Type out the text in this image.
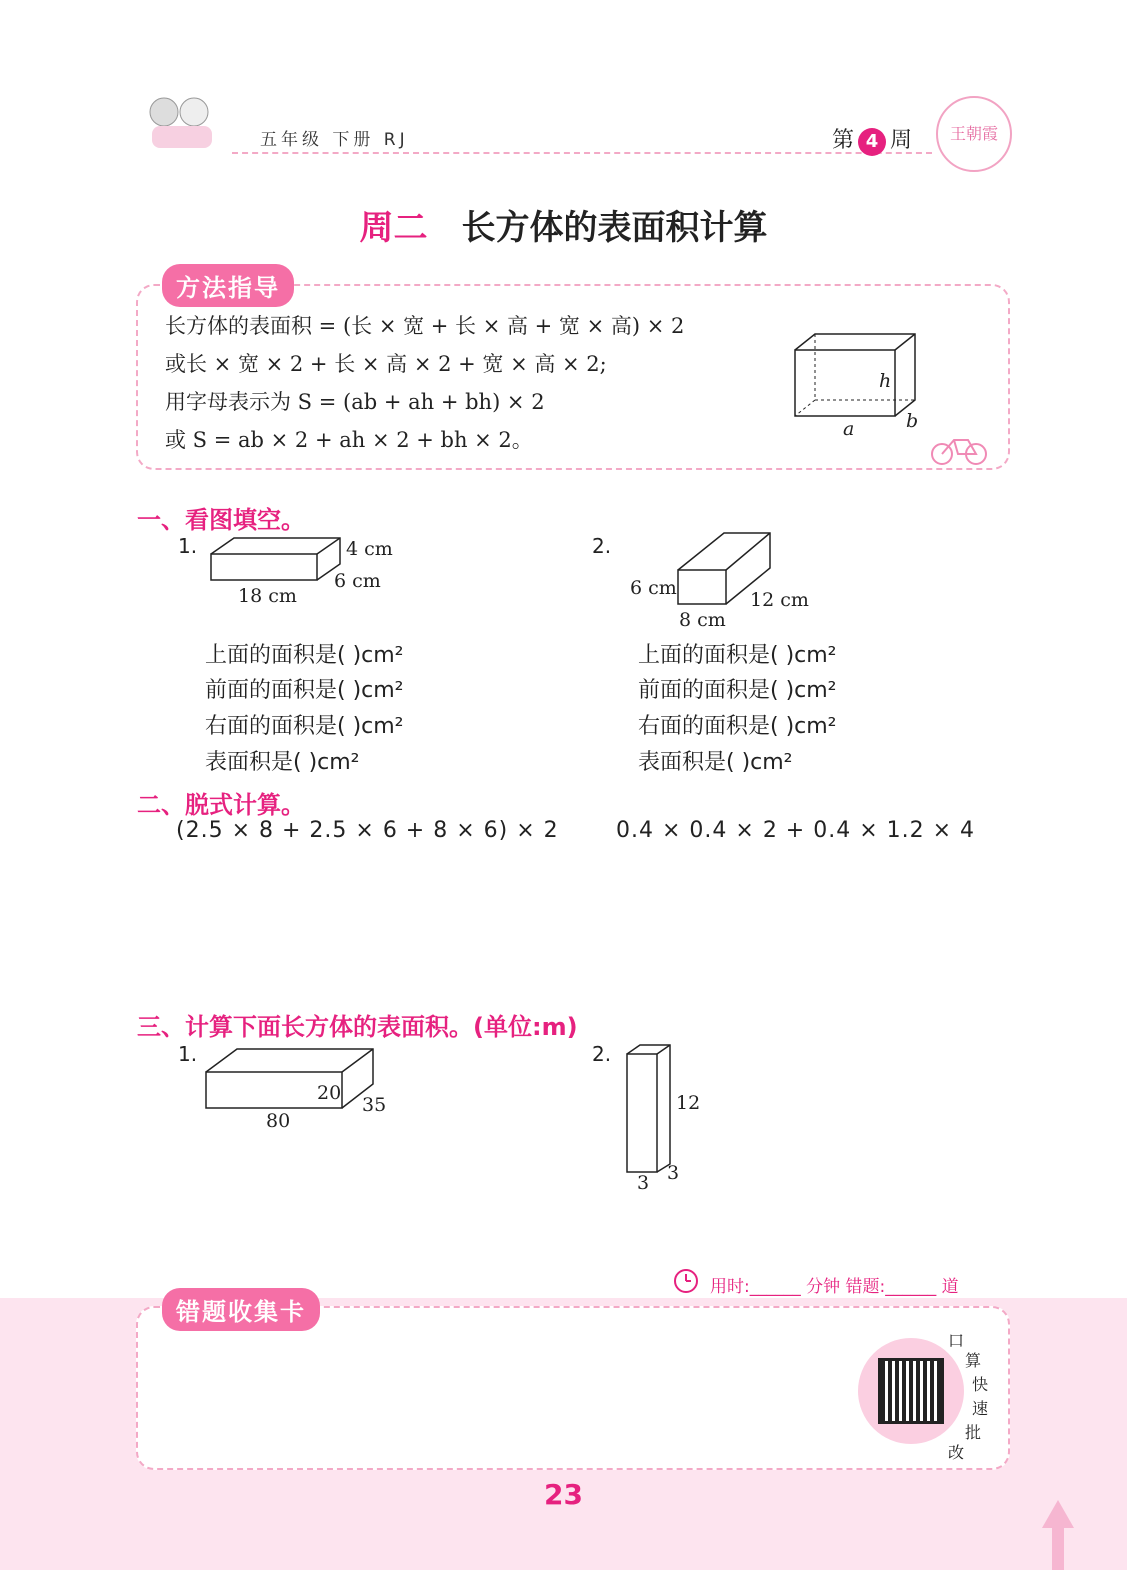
五年级 下册 RJ	第 4 周	王朝霞
周二 长方体的表面积计算
方法指导
长方体的表面积 = (长 × 宽 + 长 × 高 + 宽 × 高) × 2
或长 × 宽 × 2 + 长 × 高 × 2 + 宽 × 高 × 2;
用字母表示为 S = (ab + ah + bh) × 2
或 S = ab × 2 + ah × 2 + bh × 2。
h
a	b
一、看图填空。
1.	4 cm
6 cm
18 cm
2.
6 cm
8 cm
12 cm
上面的面积是( )cm²
前面的面积是( )cm²
右面的面积是( )cm²
表面积是( )cm²
上面的面积是( )cm²
前面的面积是( )cm²
右面的面积是( )cm²
表面积是( )cm²
二、脱式计算。
(2.5 × 8 + 2.5 × 6 + 8 × 6) × 2	0.4 × 0.4 × 2 + 0.4 × 1.2 × 4
三、计算下面长方体的表面积。(单位:m)
1.
20
35
80
2.
12
3
3
用时:______ 分钟 错题:______ 道
错题收集卡
口
算
快
速
批
改
23
